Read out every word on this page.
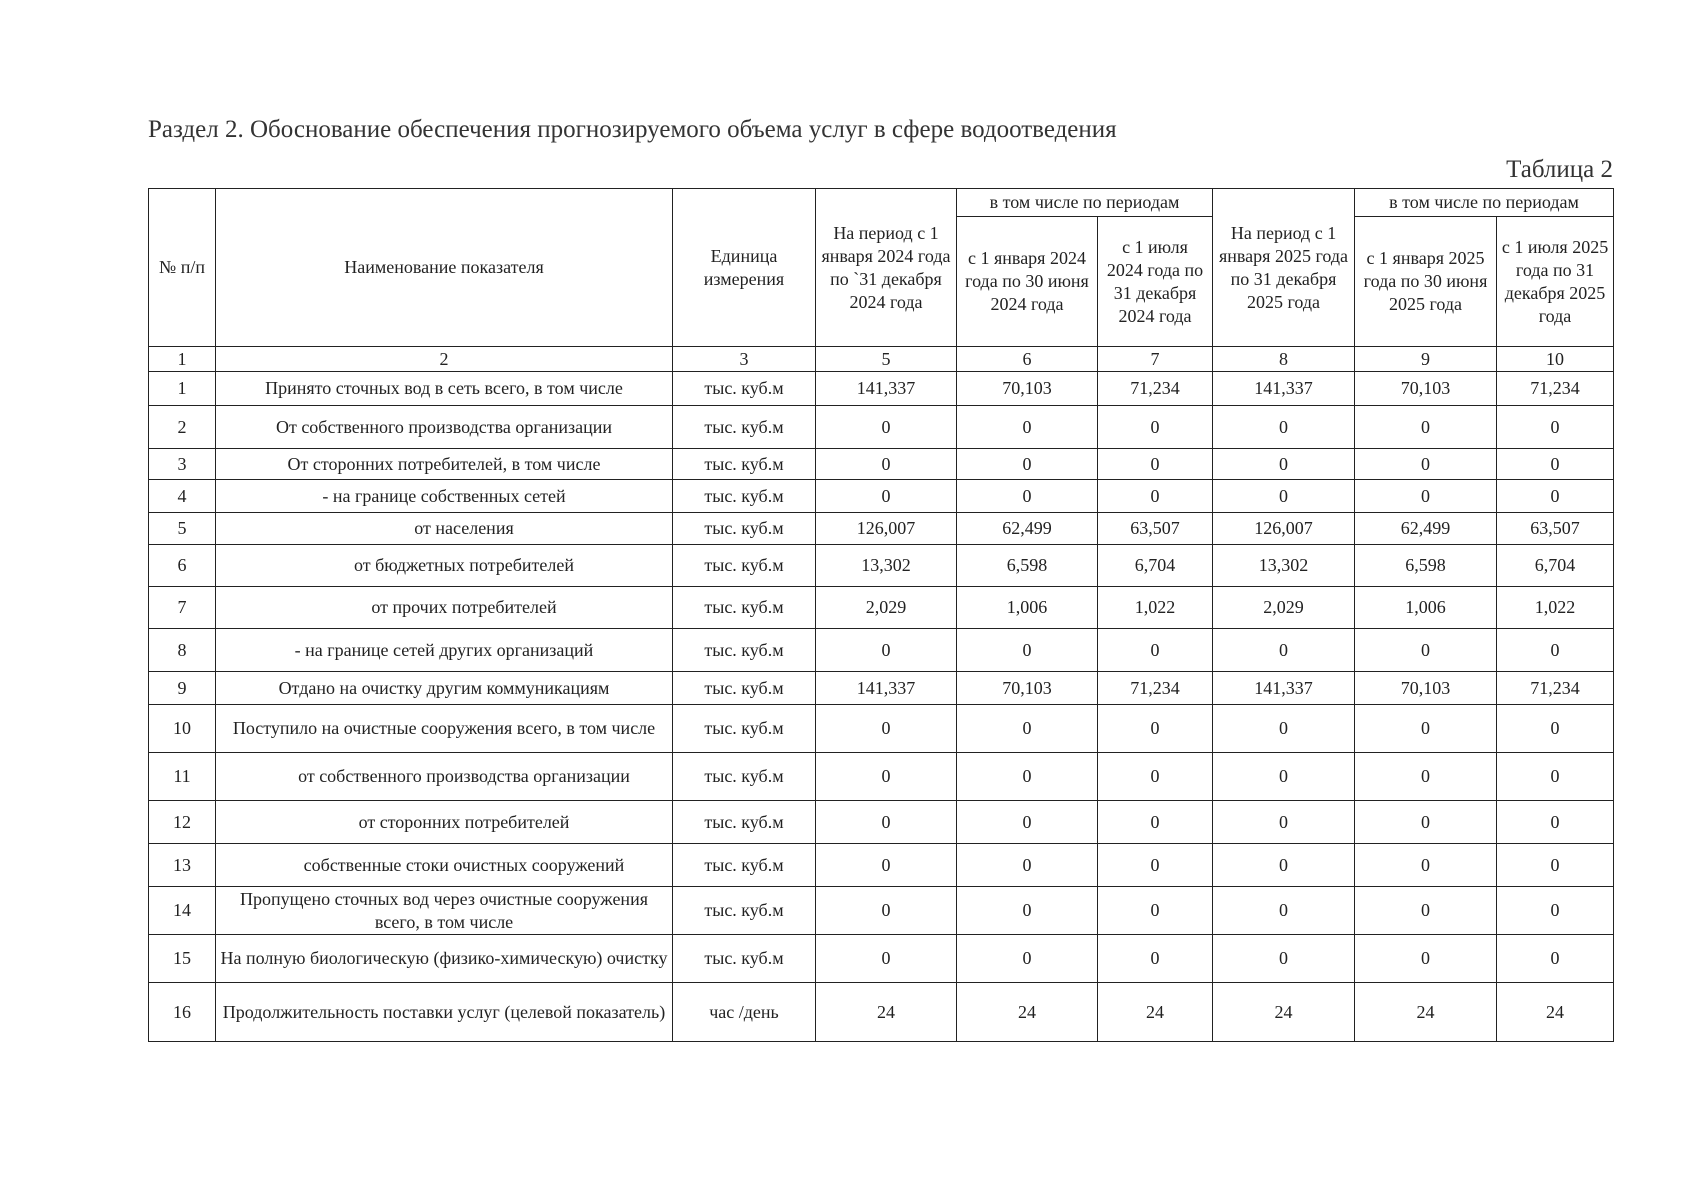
Раздел 2. Обоснование обеспечения прогнозируемого объема услуг в сфере водоотведения
Таблица 2
№ п/п	Наименование показателя	Единица измерения	На период с 1 января 2024 года по `31 декабря 2024 года	в том числе по периодам		На период с 1 января 2025 года по 31 декабря 2025 года	в том числе по периодам	
				с 1 января 2024 года по 30 июня 2024 года	с 1 июля 2024 года по 31 декабря 2024 года		с 1 января 2025 года по 30 июня 2025 года	с 1 июля 2025 года по 31 декабря 2025 года
1	2	3	5	6	7	8	9	10
1	Принято сточных вод в сеть всего, в том числе	тыс. куб.м	141,337	70,103	71,234	141,337	70,103	71,234
2	От собственного производства организации	тыс. куб.м	0	0	0	0	0	0
3	От сторонних потребителей, в том числе	тыс. куб.м	0	0	0	0	0	0
4	- на границе собственных сетей	тыс. куб.м	0	0	0	0	0	0
5	от населения	тыс. куб.м	126,007	62,499	63,507	126,007	62,499	63,507
6	от бюджетных потребителей	тыс. куб.м	13,302	6,598	6,704	13,302	6,598	6,704
7	от прочих потребителей	тыс. куб.м	2,029	1,006	1,022	2,029	1,006	1,022
8	- на границе сетей других организаций	тыс. куб.м	0	0	0	0	0	0
9	Отдано на очистку другим коммуникациям	тыс. куб.м	141,337	70,103	71,234	141,337	70,103	71,234
10	Поступило на очистные сооружения всего, в том числе	тыс. куб.м	0	0	0	0	0	0
11	от собственного производства организации	тыс. куб.м	0	0	0	0	0	0
12	от сторонних потребителей	тыс. куб.м	0	0	0	0	0	0
13	собственные стоки очистных сооружений	тыс. куб.м	0	0	0	0	0	0
14	Пропущено сточных вод через очистные сооружения всего, в том числе	тыс. куб.м	0	0	0	0	0	0
15	На полную биологическую (физико-химическую) очистку	тыс. куб.м	0	0	0	0	0	0
16	Продолжительность поставки услуг (целевой показатель)	час /день	24	24	24	24	24	24
